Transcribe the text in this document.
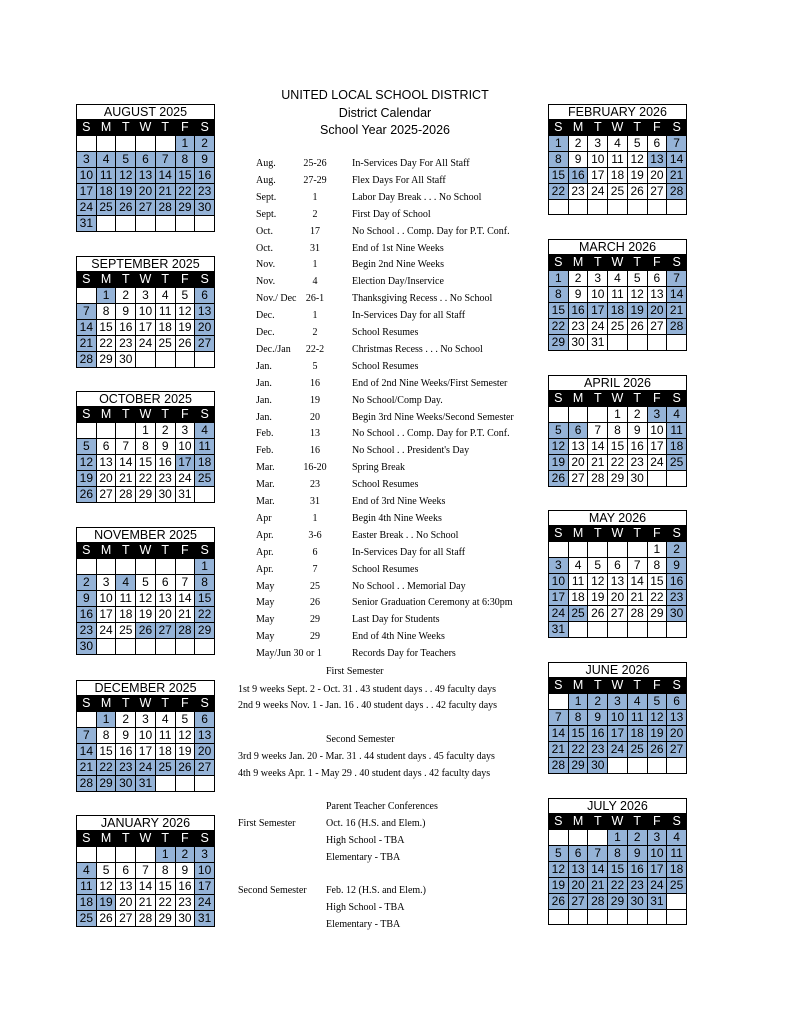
UNITED LOCAL SCHOOL DISTRICT
District Calendar
School Year 2025-2026
AUGUST 2025
S	M	T	W	T	F	S
					1	2
3	4	5	6	7	8	9
10	11	12	13	14	15	16
17	18	19	20	21	22	23
24	25	26	27	28	29	30
31						
SEPTEMBER 2025
S	M	T	W	T	F	S
	1	2	3	4	5	6
7	8	9	10	11	12	13
14	15	16	17	18	19	20
21	22	23	24	25	26	27
28	29	30				
OCTOBER 2025
S	M	T	W	T	F	S
			1	2	3	4
5	6	7	8	9	10	11
12	13	14	15	16	17	18
19	20	21	22	23	24	25
26	27	28	29	30	31	
NOVEMBER 2025
S	M	T	W	T	F	S
						1
2	3	4	5	6	7	8
9	10	11	12	13	14	15
16	17	18	19	20	21	22
23	24	25	26	27	28	29
30						
DECEMBER 2025
S	M	T	W	T	F	S
	1	2	3	4	5	6
7	8	9	10	11	12	13
14	15	16	17	18	19	20
21	22	23	24	25	26	27
28	29	30	31			
JANUARY 2026
S	M	T	W	T	F	S
				1	2	3
4	5	6	7	8	9	10
11	12	13	14	15	16	17
18	19	20	21	22	23	24
25	26	27	28	29	30	31
FEBRUARY 2026
S	M	T	W	T	F	S
1	2	3	4	5	6	7
8	9	10	11	12	13	14
15	16	17	18	19	20	21
22	23	24	25	26	27	28

MARCH 2026
S	M	T	W	T	F	S
1	2	3	4	5	6	7
8	9	10	11	12	13	14
15	16	17	18	19	20	21
22	23	24	25	26	27	28
29	30	31				
APRIL 2026
S	M	T	W	T	F	S
			1	2	3	4
5	6	7	8	9	10	11
12	13	14	15	16	17	18
19	20	21	22	23	24	25
26	27	28	29	30		
MAY 2026
S	M	T	W	T	F	S
					1	2
3	4	5	6	7	8	9
10	11	12	13	14	15	16
17	18	19	20	21	22	23
24	25	26	27	28	29	30
31						
JUNE 2026
S	M	T	W	T	F	S
	1	2	3	4	5	6
7	8	9	10	11	12	13
14	15	16	17	18	19	20
21	22	23	24	25	26	27
28	29	30				
JULY 2026
S	M	T	W	T	F	S
			1	2	3	4
5	6	7	8	9	10	11
12	13	14	15	16	17	18
19	20	21	22	23	24	25
26	27	28	29	30	31	

Aug.	25-26	In-Services Day For All Staff
Aug.	27-29	Flex Days For All Staff
Sept.	1	Labor Day Break . . . No School
Sept.	2	First Day of School
Oct.	17	No School . . Comp. Day for P.T. Conf.
Oct.	31	End of 1st Nine Weeks
Nov.	1	Begin 2nd Nine Weeks
Nov.	4	Election Day/Inservice
Nov./ Dec 26-1	Thanksgiving Recess . . No School
Dec.	1	In-Services Day for all Staff
Dec.	2	School Resumes
Dec./Jan	22-2	Christmas Recess . . . No School
Jan.	5	School Resumes
Jan.	16	End of 2nd Nine Weeks/First Semester
Jan.	19	No School/Comp Day.
Jan.	20	Begin 3rd Nine Weeks/Second Semester
Feb.	13	No School . . Comp. Day for P.T. Conf.
Feb.	16	No School . . President's Day
Mar.	16-20	Spring Break
Mar.	23	School Resumes
Mar.	31	End of 3rd Nine Weeks
Apr	1	Begin 4th Nine Weeks
Apr.	3-6	Easter Break . . No School
Apr.	6	In-Services Day for all Staff
Apr.	7	School Resumes
May	25	No School . . Memorial Day
May	26	Senior Graduation Ceremony at 6:30pm
May	29	Last Day for Students
May	29	End of 4th Nine Weeks
May/Jun 30 or 1	Records Day for Teachers
First Semester
1st 9 weeks Sept. 2 - Oct. 31 . 43 student days . . 49 faculty days
2nd 9 weeks Nov. 1 - Jan. 16 . 40 student days . . 42 faculty days
Second Semester
3rd 9 weeks Jan. 20 - Mar. 31 . 44 student days . 45 faculty days
4th 9 weeks Apr. 1 - May 29 . 40 student days . 42 faculty days
Parent Teacher Conferences
First Semester	Oct. 16 (H.S. and Elem.)
High School - TBA
Elementary - TBA
Second Semester Feb. 12 (H.S. and Elem.)
High School - TBA
Elementary - TBA
